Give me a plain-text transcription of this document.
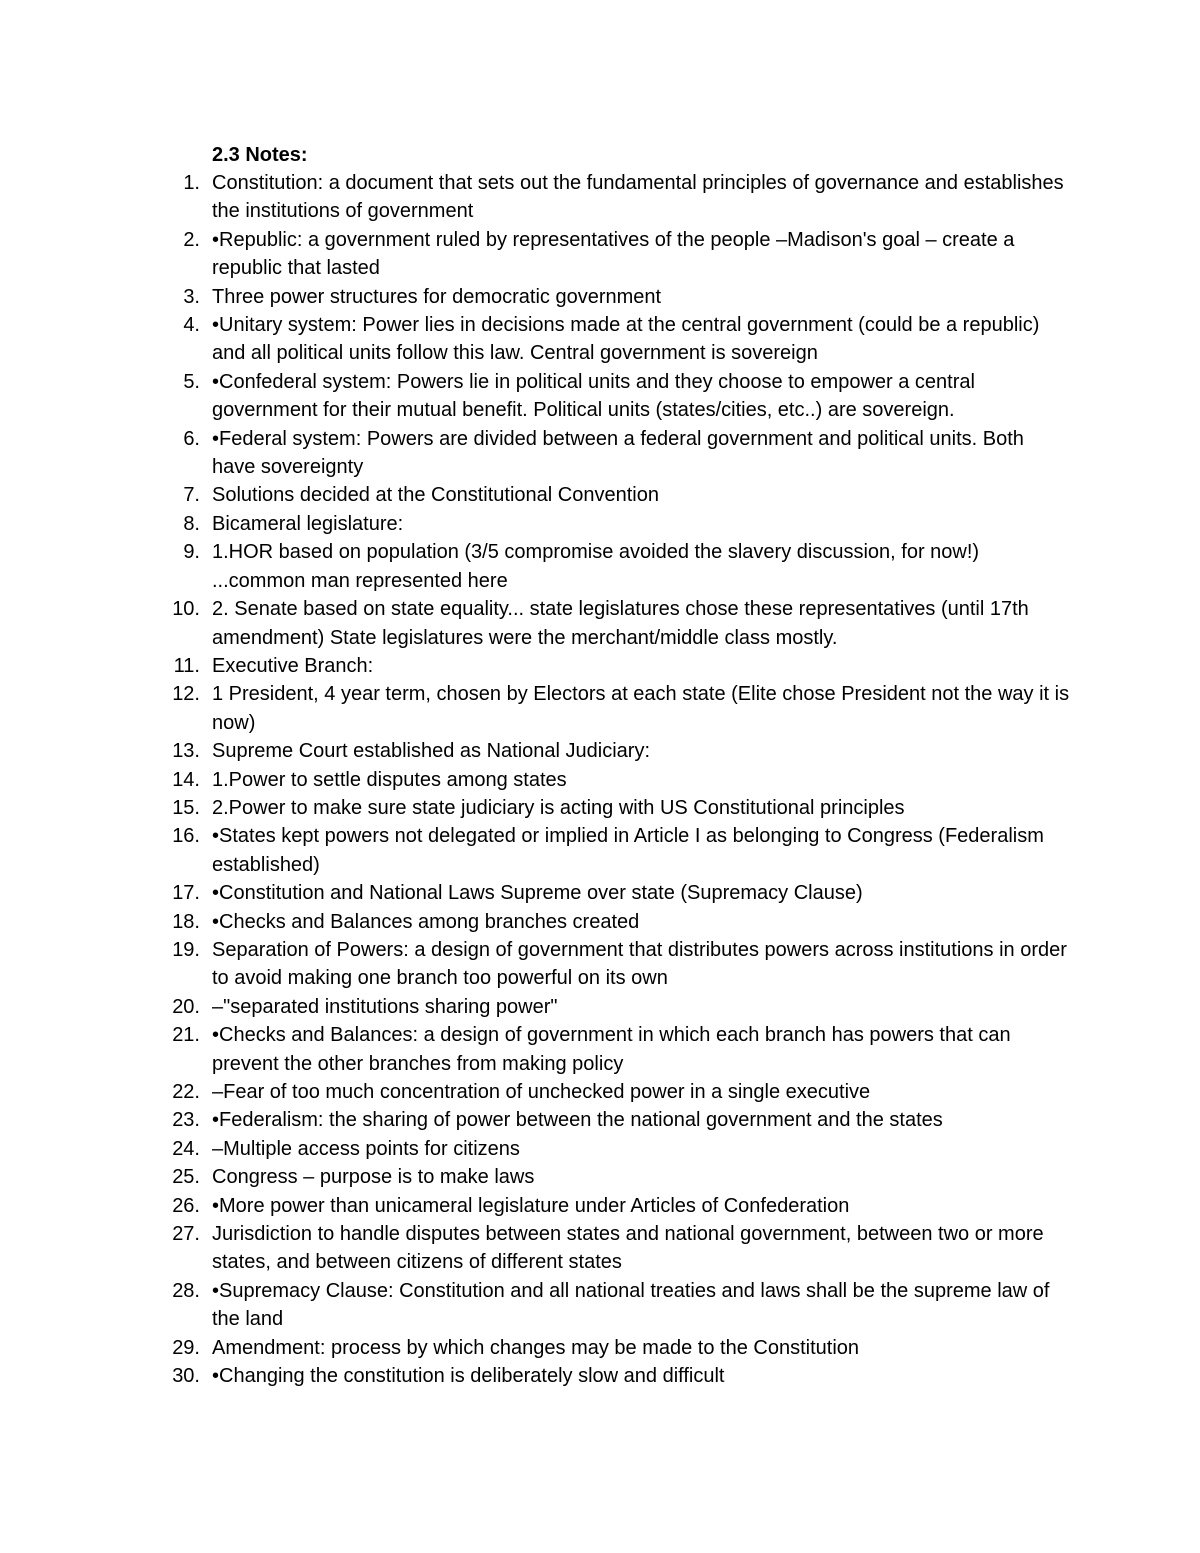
2.3 Notes:
1. Constitution: a document that sets out the fundamental principles of governance and establishes the institutions of government
2. •Republic: a government ruled by representatives of the people –Madison's goal – create a republic that lasted
3. Three power structures for democratic government
4. •Unitary system: Power lies in decisions made at the central government (could be a republic) and all political units follow this law. Central government is sovereign
5. •Confederal system: Powers lie in political units and they choose to empower a central government for their mutual benefit. Political units (states/cities, etc..) are sovereign.
6. •Federal system: Powers are divided between a federal government and political units. Both have sovereignty
7. Solutions decided at the Constitutional Convention
8. Bicameral legislature:
9. 1.HOR based on population (3/5 compromise avoided the slavery discussion, for now!) ...common man represented here
10. 2. Senate based on state equality... state legislatures chose these representatives (until 17th amendment) State legislatures were the merchant/middle class mostly.
11. Executive Branch:
12. 1 President, 4 year term, chosen by Electors at each state (Elite chose President not the way it is now)
13. Supreme Court established as National Judiciary:
14. 1.Power to settle disputes among states
15. 2.Power to make sure state judiciary is acting with US Constitutional principles
16. •States kept powers not delegated or implied in Article I as belonging to Congress (Federalism established)
17. •Constitution and National Laws Supreme over state (Supremacy Clause)
18. •Checks and Balances among branches created
19. Separation of Powers: a design of government that distributes powers across institutions in order to avoid making one branch too powerful on its own
20. –"separated institutions sharing power"
21. •Checks and Balances: a design of government in which each branch has powers that can prevent the other branches from making policy
22. –Fear of too much concentration of unchecked power in a single executive
23. •Federalism: the sharing of power between the national government and the states
24. –Multiple access points for citizens
25. Congress – purpose is to make laws
26. •More power than unicameral legislature under Articles of Confederation
27. Jurisdiction to handle disputes between states and national government, between two or more states, and between citizens of different states
28. •Supremacy Clause: Constitution and all national treaties and laws shall be the supreme law of the land
29. Amendment: process by which changes may be made to the Constitution
30. •Changing the constitution is deliberately slow and difficult
